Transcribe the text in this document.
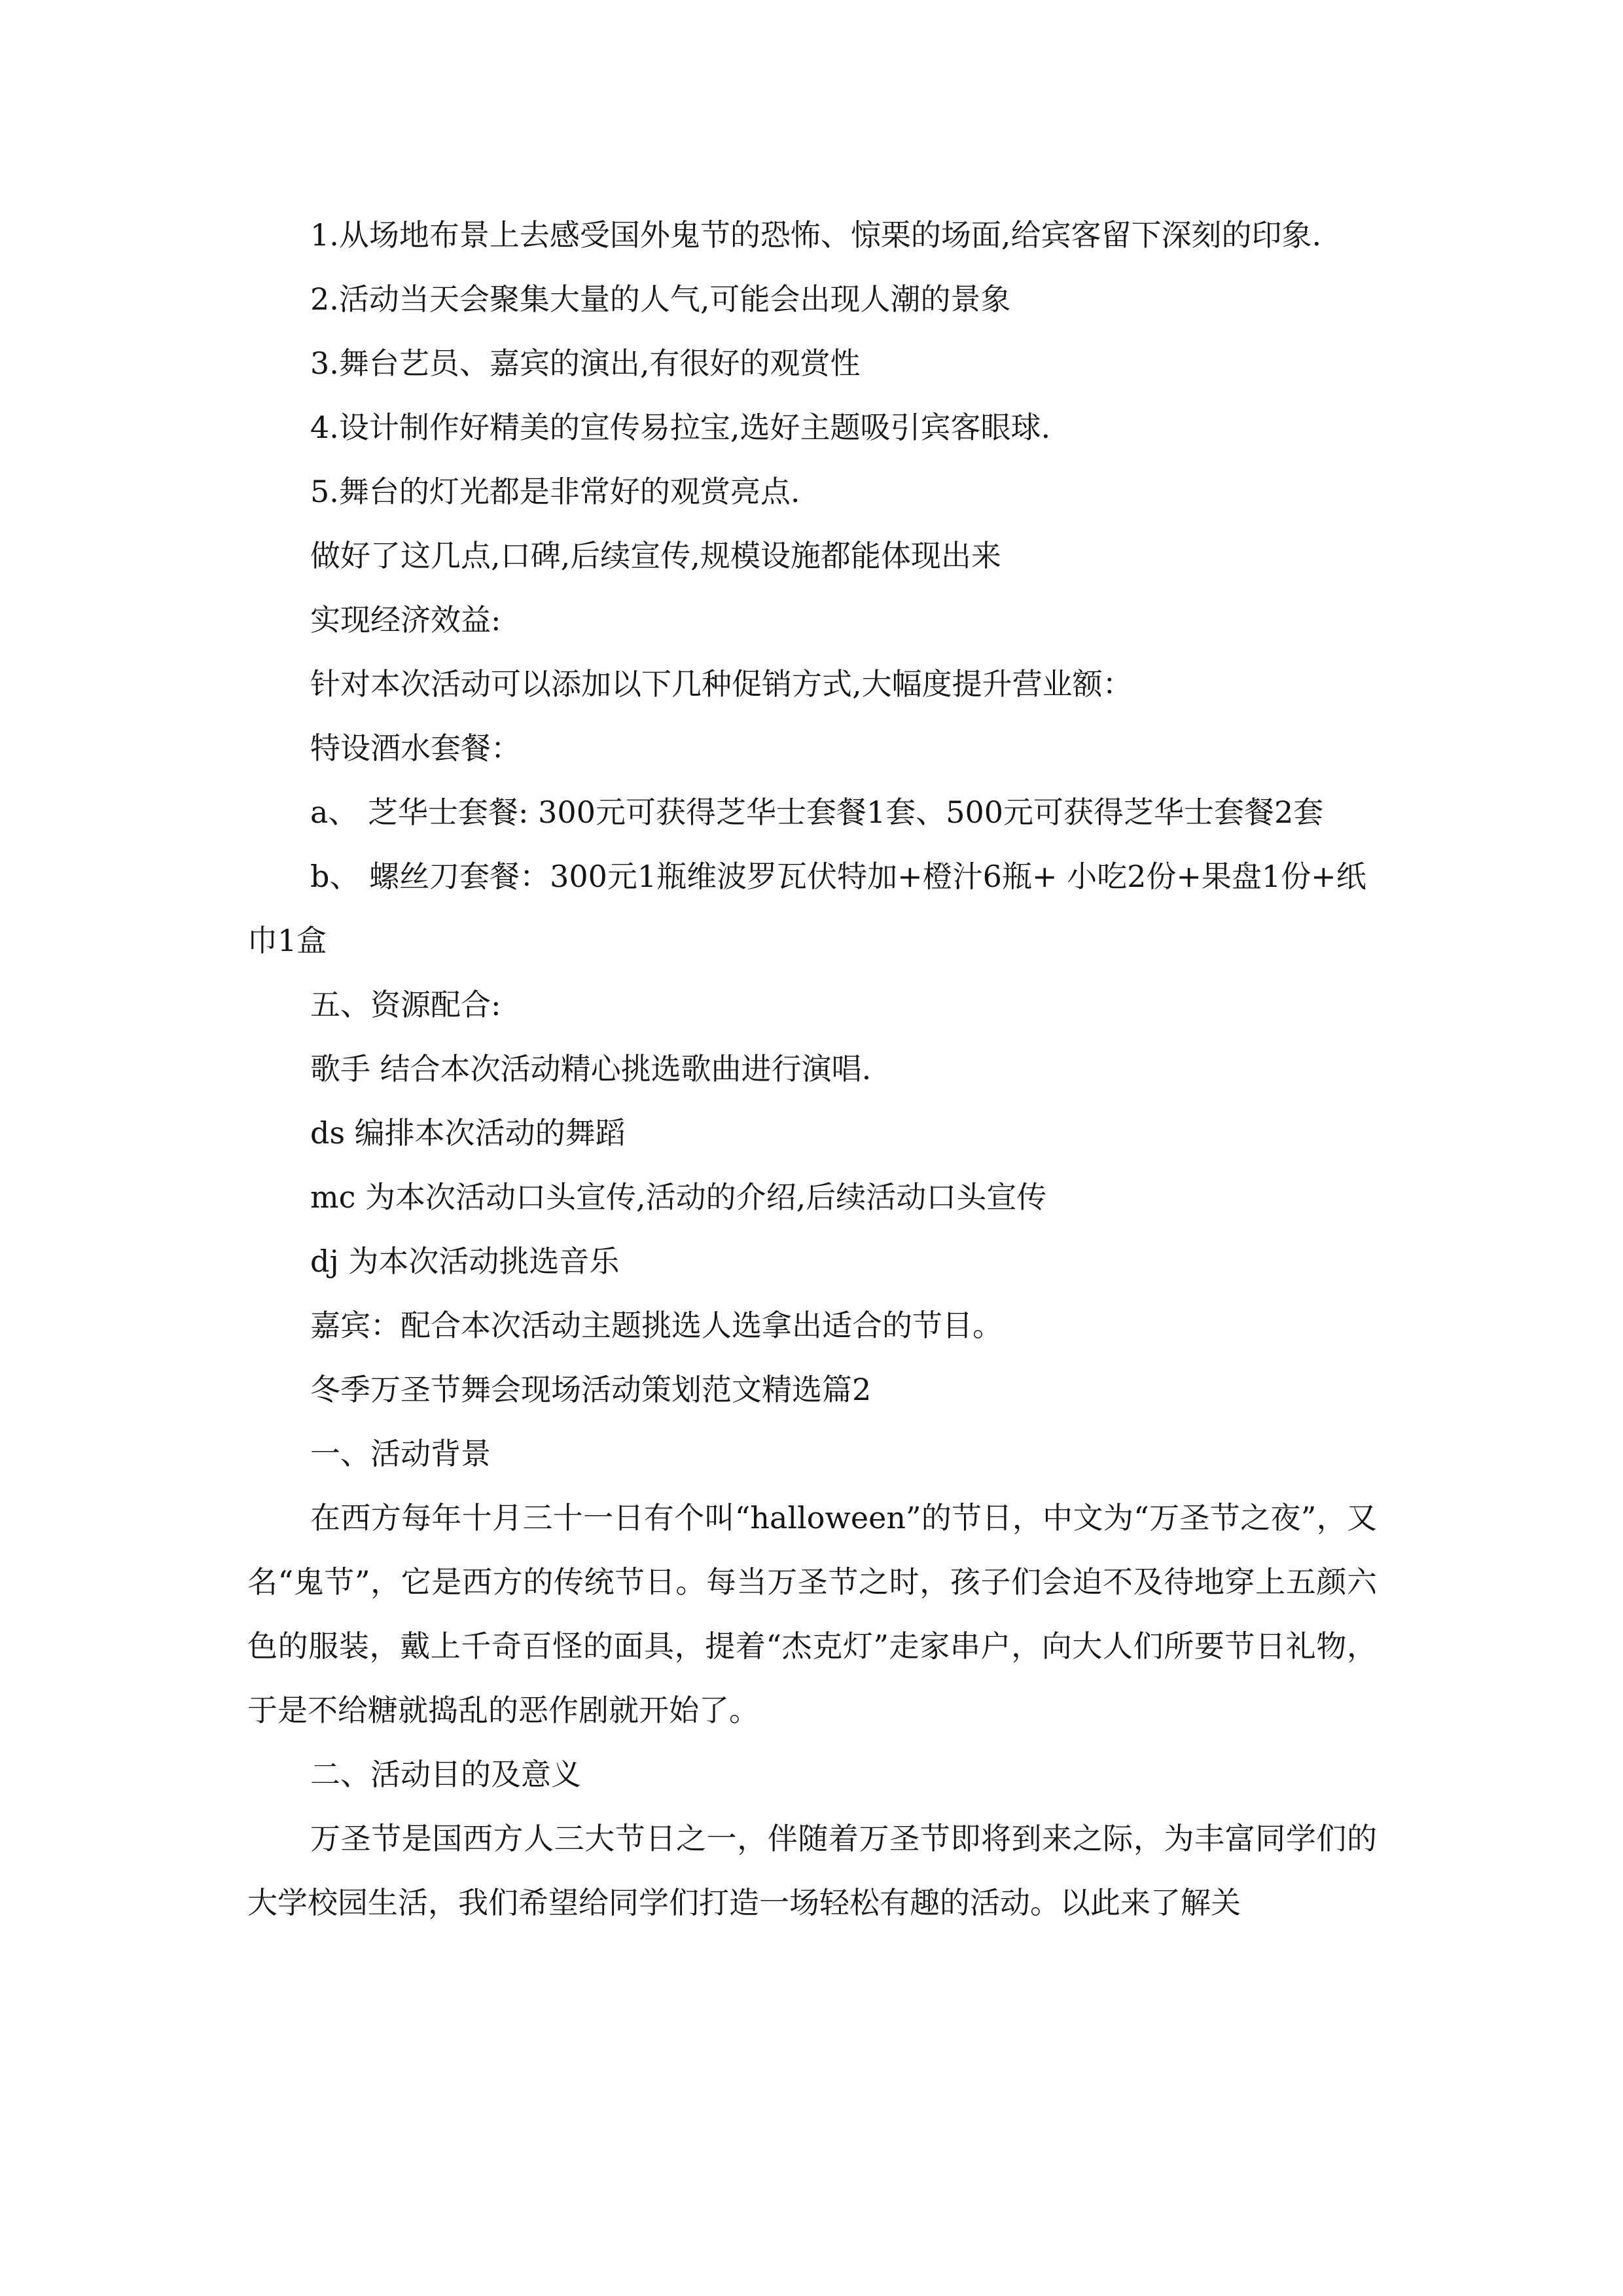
1.从场地布景上去感受国外鬼节的恐怖、惊栗的场面,给宾客留下深刻的印象.

2.活动当天会聚集大量的人气,可能会出现人潮的景象

3.舞台艺员、嘉宾的演出,有很好的观赏性

4.设计制作好精美的宣传易拉宝,选好主题吸引宾客眼球.

5.舞台的灯光都是非常好的观赏亮点.

做好了这几点,口碑,后续宣传,规模设施都能体现出来

实现经济效益:

针对本次活动可以添加以下几种促销方式,大幅度提升营业额：

特设酒水套餐：

a、 芝华士套餐: 300元可获得芝华士套餐1套、500元可获得芝华士套餐2套

b、 螺丝刀套餐：300元1瓶维波罗瓦伏特加+橙汁6瓶+ 小吃2份+果盘1份+纸巾1盒

五、资源配合:

歌手 结合本次活动精心挑选歌曲进行演唱.

ds 编排本次活动的舞蹈

mc 为本次活动口头宣传,活动的介绍,后续活动口头宣传

dj 为本次活动挑选音乐

嘉宾：配合本次活动主题挑选人选拿出适合的节目。

冬季万圣节舞会现场活动策划范文精选篇2

一、活动背景

在西方每年十月三十一日有个叫“halloween”的节日，中文为“万圣节之夜”，又名“鬼节”，它是西方的传统节日。每当万圣节之时，孩子们会迫不及待地穿上五颜六色的服装，戴上千奇百怪的面具，提着“杰克灯”走家串户，向大人们所要节日礼物，于是不给糖就捣乱的恶作剧就开始了。

二、活动目的及意义

万圣节是国西方人三大节日之一，伴随着万圣节即将到来之际，为丰富同学们的大学校园生活，我们希望给同学们打造一场轻松有趣的活动。以此来了解关
